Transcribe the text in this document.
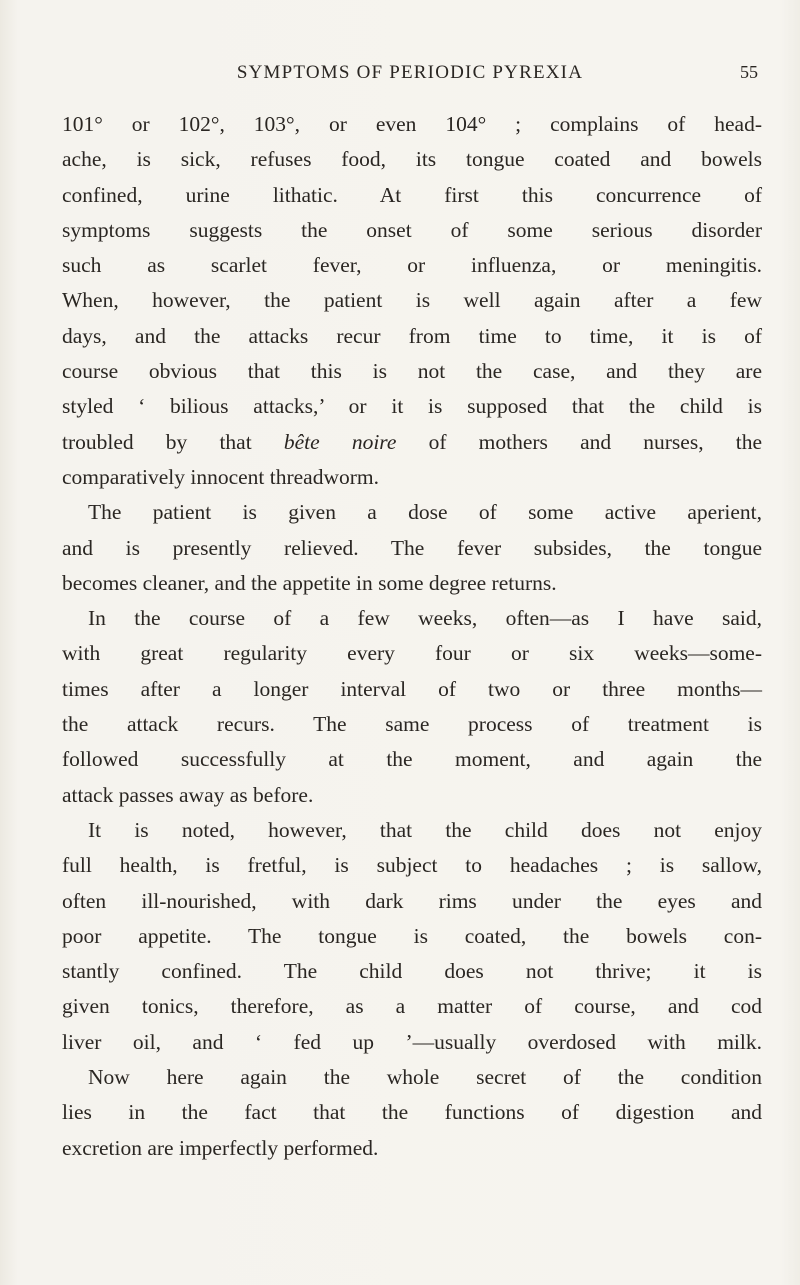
SYMPTOMS OF PERIODIC PYREXIA	55
101° or 102°, 103°, or even 104° ; complains of head-
ache, is sick, refuses food, its tongue coated and bowels
confined, urine lithatic. At first this concurrence of
symptoms suggests the onset of some serious disorder
such as scarlet fever, or influenza, or meningitis.
When, however, the patient is well again after a few
days, and the attacks recur from time to time, it is of
course obvious that this is not the case, and they are
styled ‘ bilious attacks,’ or it is supposed that the child is
troubled by that bête noire of mothers and nurses, the
comparatively innocent threadworm.
The patient is given a dose of some active aperient,
and is presently relieved. The fever subsides, the tongue
becomes cleaner, and the appetite in some degree returns.
In the course of a few weeks, often—as I have said,
with great regularity every four or six weeks—some-
times after a longer interval of two or three months—
the attack recurs. The same process of treatment is
followed successfully at the moment, and again the
attack passes away as before.
It is noted, however, that the child does not enjoy
full health, is fretful, is subject to headaches ; is sallow,
often ill-nourished, with dark rims under the eyes and
poor appetite. The tongue is coated, the bowels con-
stantly confined. The child does not thrive; it is
given tonics, therefore, as a matter of course, and cod
liver oil, and ‘ fed up ’—usually overdosed with milk.
Now here again the whole secret of the condition
lies in the fact that the functions of digestion and
excretion are imperfectly performed.
